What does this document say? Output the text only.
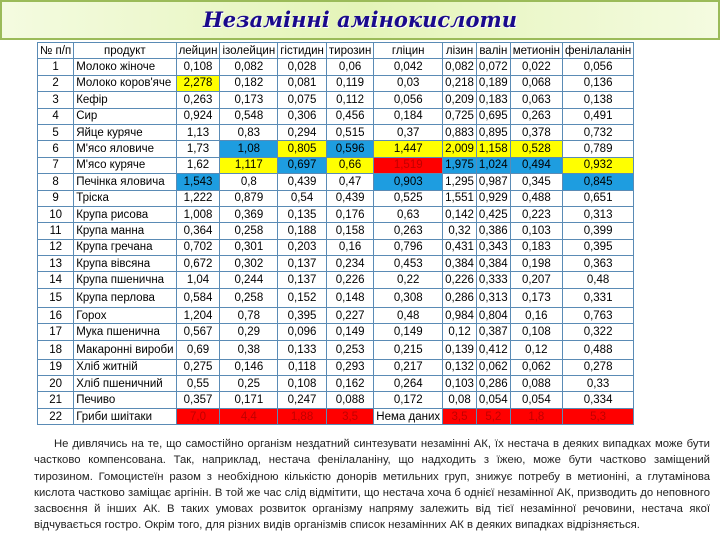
Незамінні амінокислоти
№ п/п	продукт	лейцин	ізолейцин	гістидин	тирозин	гліцин	лізин	валін	метионін	фенілаланін
1	Молоко жіноче	0,108	0,082	0,028	0,06	0,042	0,082	0,072	0,022	0,056
2	Молоко коров'яче	2,278	0,182	0,081	0,119	0,03	0,218	0,189	0,068	0,136
3	Кефір	0,263	0,173	0,075	0,112	0,056	0,209	0,183	0,063	0,138
4	Сир	0,924	0,548	0,306	0,456	0,184	0,725	0,695	0,263	0,491
5	Яйце куряче	1,13	0,83	0,294	0,515	0,37	0,883	0,895	0,378	0,732
6	М'ясо яловиче	1,73	1,08	0,805	0,596	1,447	2,009	1,158	0,528	0,789
7	М'ясо куряче	1,62	1,117	0,697	0,66	1,519	1,975	1,024	0,494	0,932
8	Печінка яловича	1,543	0,8	0,439	0,47	0,903	1,295	0,987	0,345	0,845
9	Тріска	1,222	0,879	0,54	0,439	0,525	1,551	0,929	0,488	0,651
10	Крупа рисова	1,008	0,369	0,135	0,176	0,63	0,142	0,425	0,223	0,313
11	Крупа манна	0,364	0,258	0,188	0,158	0,263	0,32	0,386	0,103	0,399
12	Крупа гречана	0,702	0,301	0,203	0,16	0,796	0,431	0,343	0,183	0,395
13	Крупа вівсяна	0,672	0,302	0,137	0,234	0,453	0,384	0,384	0,198	0,363
14	Крупа пшенична	1,04	0,244	0,137	0,226	0,22	0,226	0,333	0,207	0,48
15	Крупа перлова	0,584	0,258	0,152	0,148	0,308	0,286	0,313	0,173	0,331
16	Горох	1,204	0,78	0,395	0,227	0,48	0,984	0,804	0,16	0,763
17	Мука пшенична	0,567	0,29	0,096	0,149	0,149	0,12	0,387	0,108	0,322
18	Макаронні вироби	0,69	0,38	0,133	0,253	0,215	0,139	0,412	0,12	0,488
19	Хліб житній	0,275	0,146	0,118	0,293	0,217	0,132	0,062	0,062	0,278
20	Хліб пшеничний	0,55	0,25	0,108	0,162	0,264	0,103	0,286	0,088	0,33
21	Печиво	0,357	0,171	0,247	0,088	0,172	0,08	0,054	0,054	0,334
22	Гриби шиітаки	7,0	4,4	1,88	3,5	Нема даних	3,5	5,2	1,8	5,3
Не дивлячись на те, що самостійно організм нездатний синтезувати незамінні АК, їх нестача в деяких випадках може бути частково компенсована. Так, наприклад, нестача фенілаланіну, що надходить з їжею, може бути частково заміщений тирозином. Гомоцистеїн разом з необхідною кількістю донорів метильних груп, знижує потребу в метионіні, а глутамінова кислота частково заміщає аргінін. В той же час слід відмітити, що нестача хоча б однієї незамінної АК, призводить до неповного засвоєння й інших АК. В таких умовах розвиток організму напряму залежить від тієї незамінної речовини, нестача якої відчувається гостро. Окрім того, для різних видів організмів список незамінних АК в деяких випадках відрізняється.
